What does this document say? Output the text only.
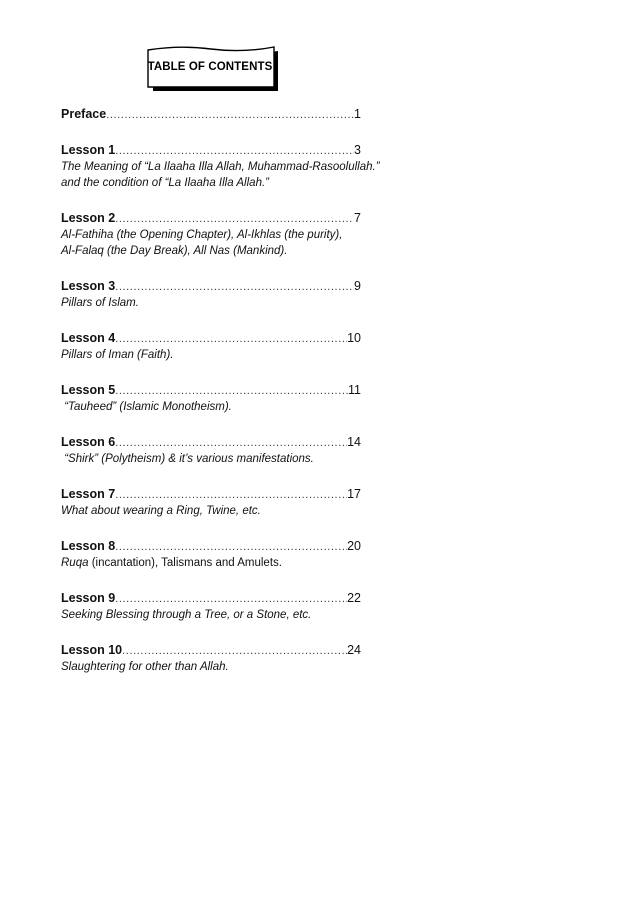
TABLE OF CONTENTS
Preface .....	1
Lesson 1 .....	3
The Meaning of “La Ilaaha Illa Allah, Muhammad-Rasoolullah.”
and the condition of “La Ilaaha Illa Allah.”
Lesson 2 .....	7
Al-Fathiha (the Opening Chapter), Al-Ikhlas (the purity),
Al-Falaq (the Day Break), All Nas (Mankind).
Lesson 3 .....	9
Pillars of Islam.
Lesson 4 .....	10
Pillars of Iman (Faith).
Lesson 5 .....	11
“Tauheed” (Islamic Monotheism).
Lesson 6 .....	14
“Shirk” (Polytheism) & it’s various manifestations.
Lesson 7 .....	17
What about wearing a Ring, Twine, etc.
Lesson 8 .....	20
Ruqa (incantation), Talismans and Amulets.
Lesson 9 .....	22
Seeking Blessing through a Tree, or a Stone, etc.
Lesson 10 .....	24
Slaughtering for other than Allah.
